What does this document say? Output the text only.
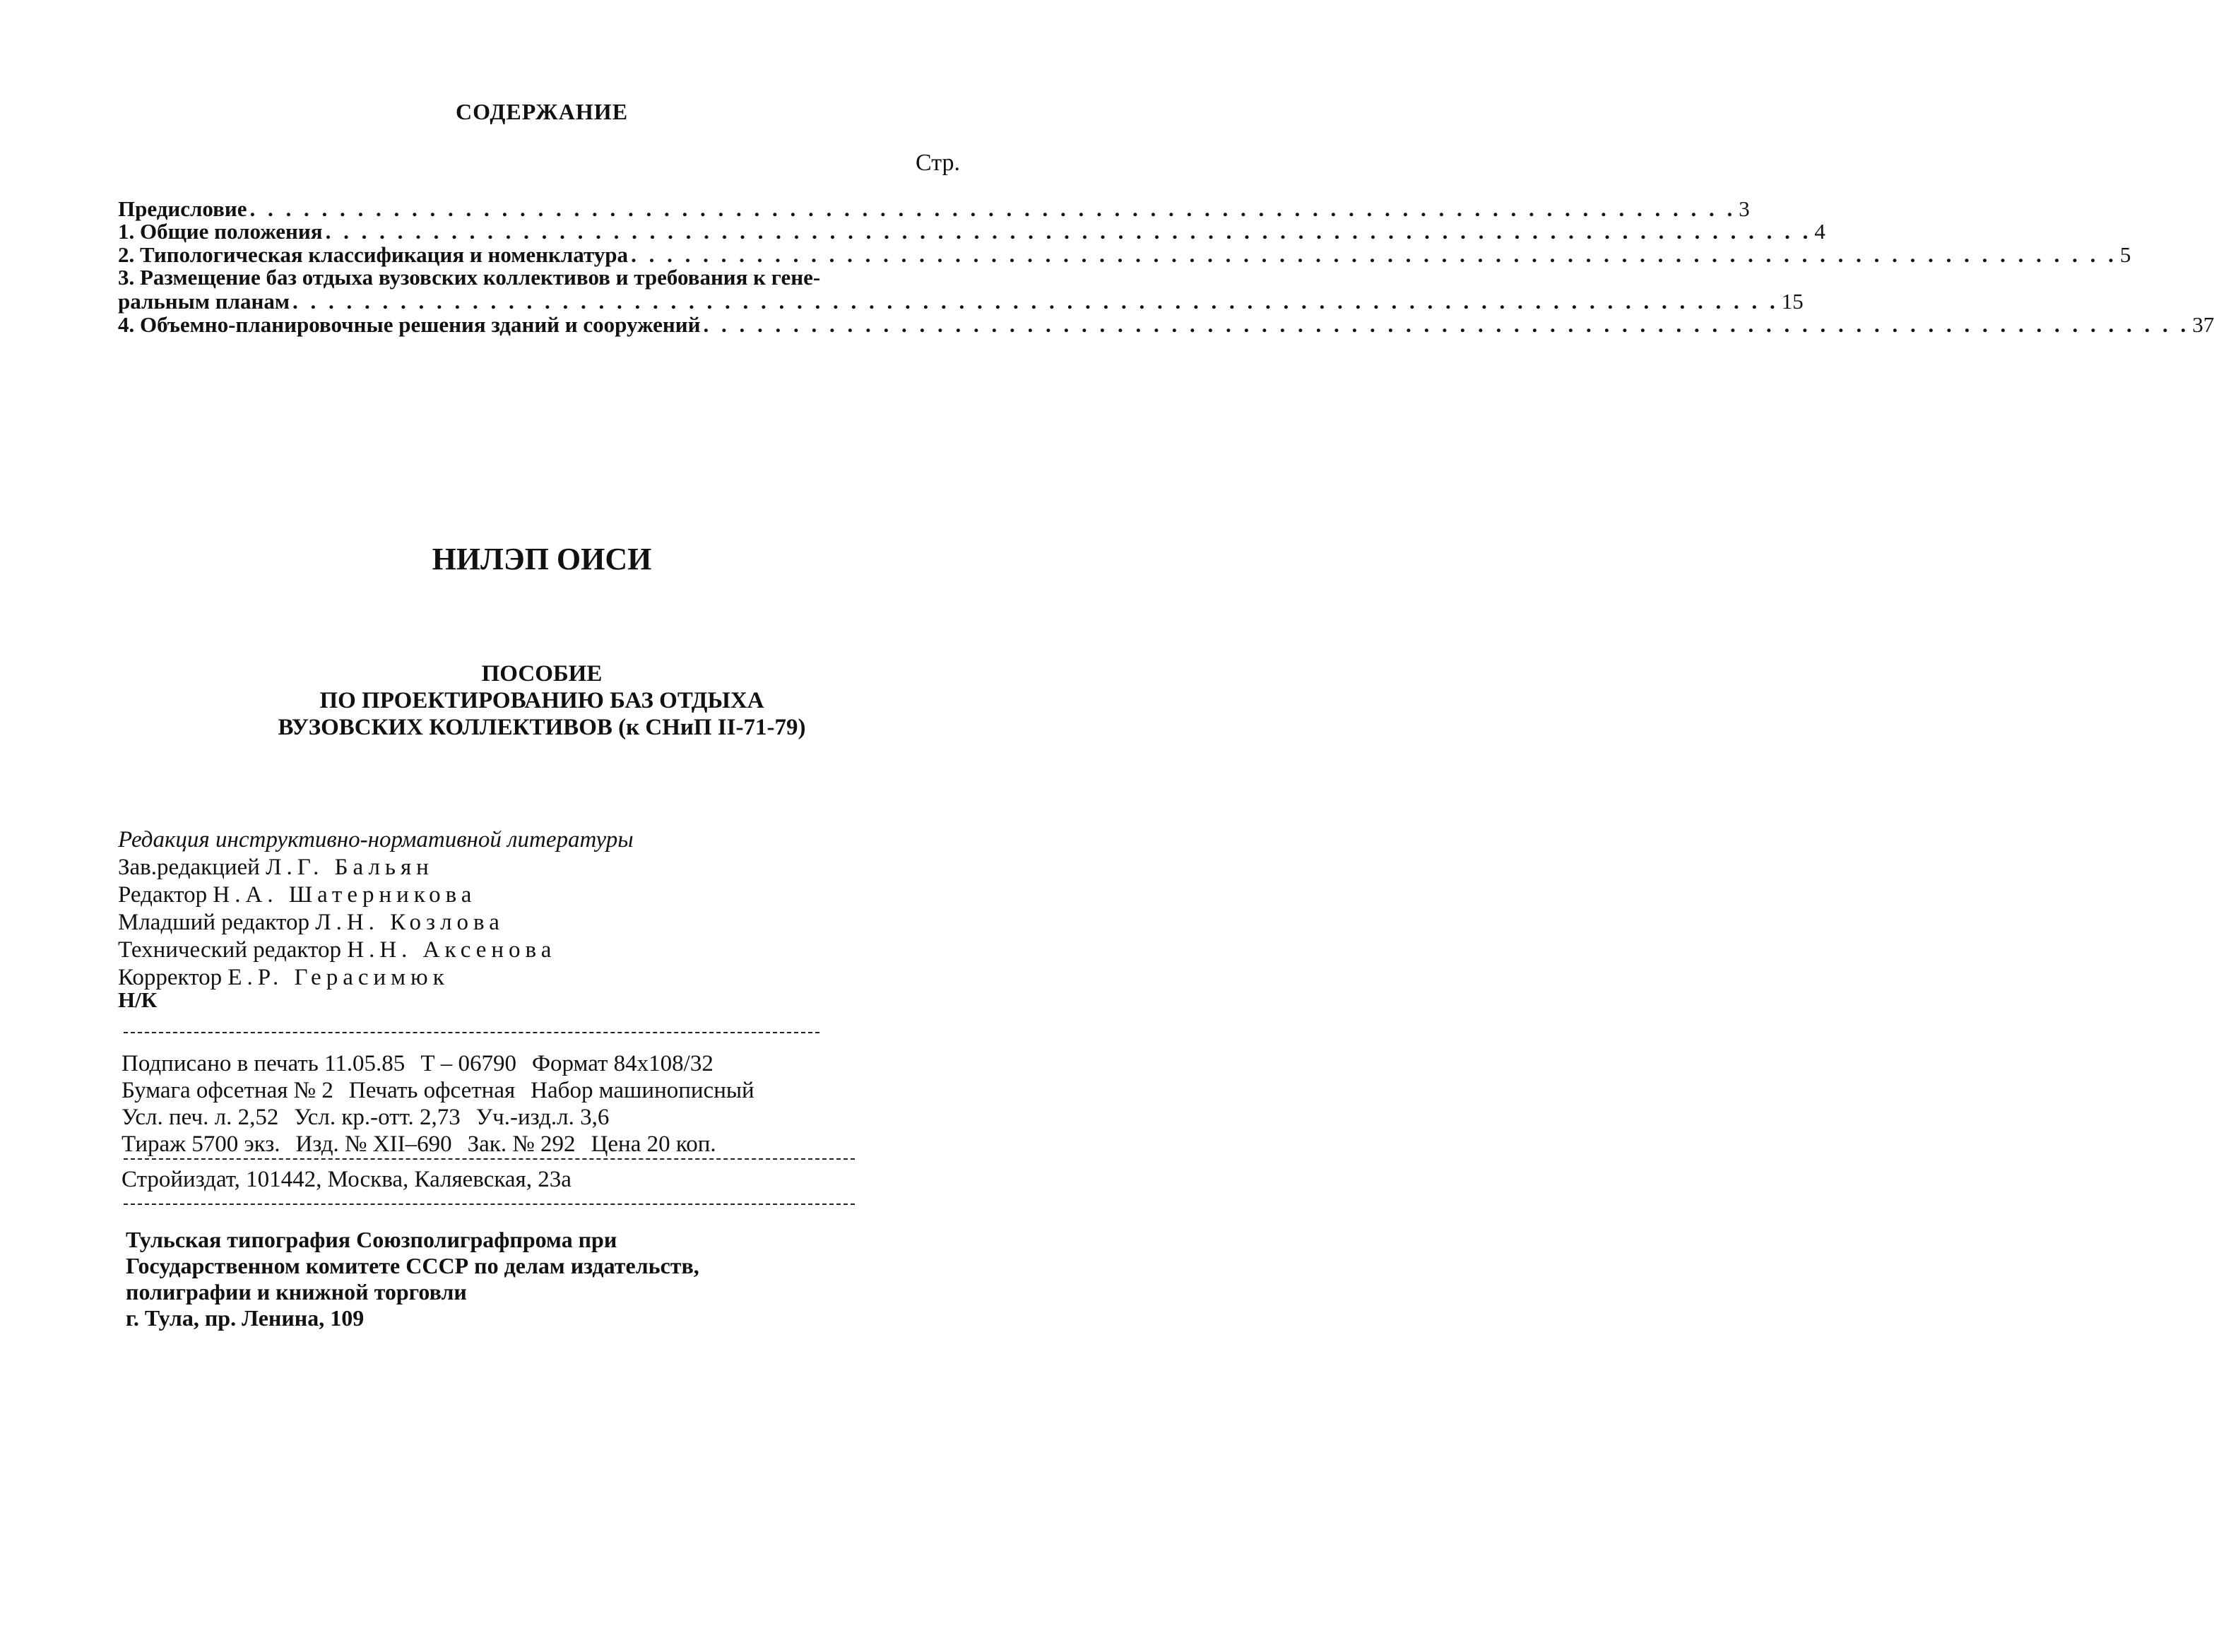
СОДЕРЖАНИЕ
Стр.
Предисловие . . . . . . . . . . . . . . . . . . . . . . . . . . . . . . . . . . . . . . . . . . . . . . . . . . . . . . . . . . . . . . . . . . . . . . . . . . . . . . . . . . . 3
1. Общие положения . . . . . . . . . . . . . . . . . . . . . . . . . . . . . . . . . . . . . . . . . . . . . . . . . . . . . . . . . . . . . . . . . . . . . . . . . . . . . . . . . . . 4
2. Типологическая классификация и номенклатура . . . . . . . . . . . . . . . . . . . . . . . . . . . . . . . . . . . . . . . . . . . . . . . . . . . . . . . . . . . . . . . . . . . . . . . . . . . . . . . . . . . 5
3. Размещение баз отдыха вузовских коллективов и требования к гене-
ральным планам . . . . . . . . . . . . . . . . . . . . . . . . . . . . . . . . . . . . . . . . . . . . . . . . . . . . . . . . . . . . . . . . . . . . . . . . . . . . . . . . . . . 15
4. Объемно-планировочные решения зданий и сооружений . . . . . . . . . . . . . . . . . . . . . . . . . . . . . . . . . . . . . . . . . . . . . . . . . . . . . . . . . . . . . . . . . . . . . . . . . . . . . . . . . . . 37
НИЛЭП ОИСИ
ПОСОБИЕ
ПО ПРОЕКТИРОВАНИЮ БАЗ ОТДЫХА
ВУЗОВСКИХ КОЛЛЕКТИВОВ (к СНиП II-71-79)
Редакция инструктивно-нормативной литературы
Зав.редакцией Л.Г. Бальян
Редактор Н.А. Шатерникова
Младший редактор Л.Н. Козлова
Технический редактор Н.Н. Аксенова
Корректор Е.Р. Герасимюк
Н/К
Подписано в печать 11.05.85 Т – 06790 Формат 84x108/32
Бумага офсетная № 2 Печать офсетная Набор машинописный
Усл. печ. л. 2,52 Усл. кр.-отт. 2,73 Уч.-изд.л. 3,6
Тираж 5700 экз. Изд. № XII–690 Зак. № 292 Цена 20 коп.
Стройиздат, 101442, Москва, Каляевская, 23а
Тульская типография Союзполиграфпрома при
Государственном комитете СССР по делам издательств,
полиграфии и книжной торговли
г. Тула, пр. Ленина, 109
